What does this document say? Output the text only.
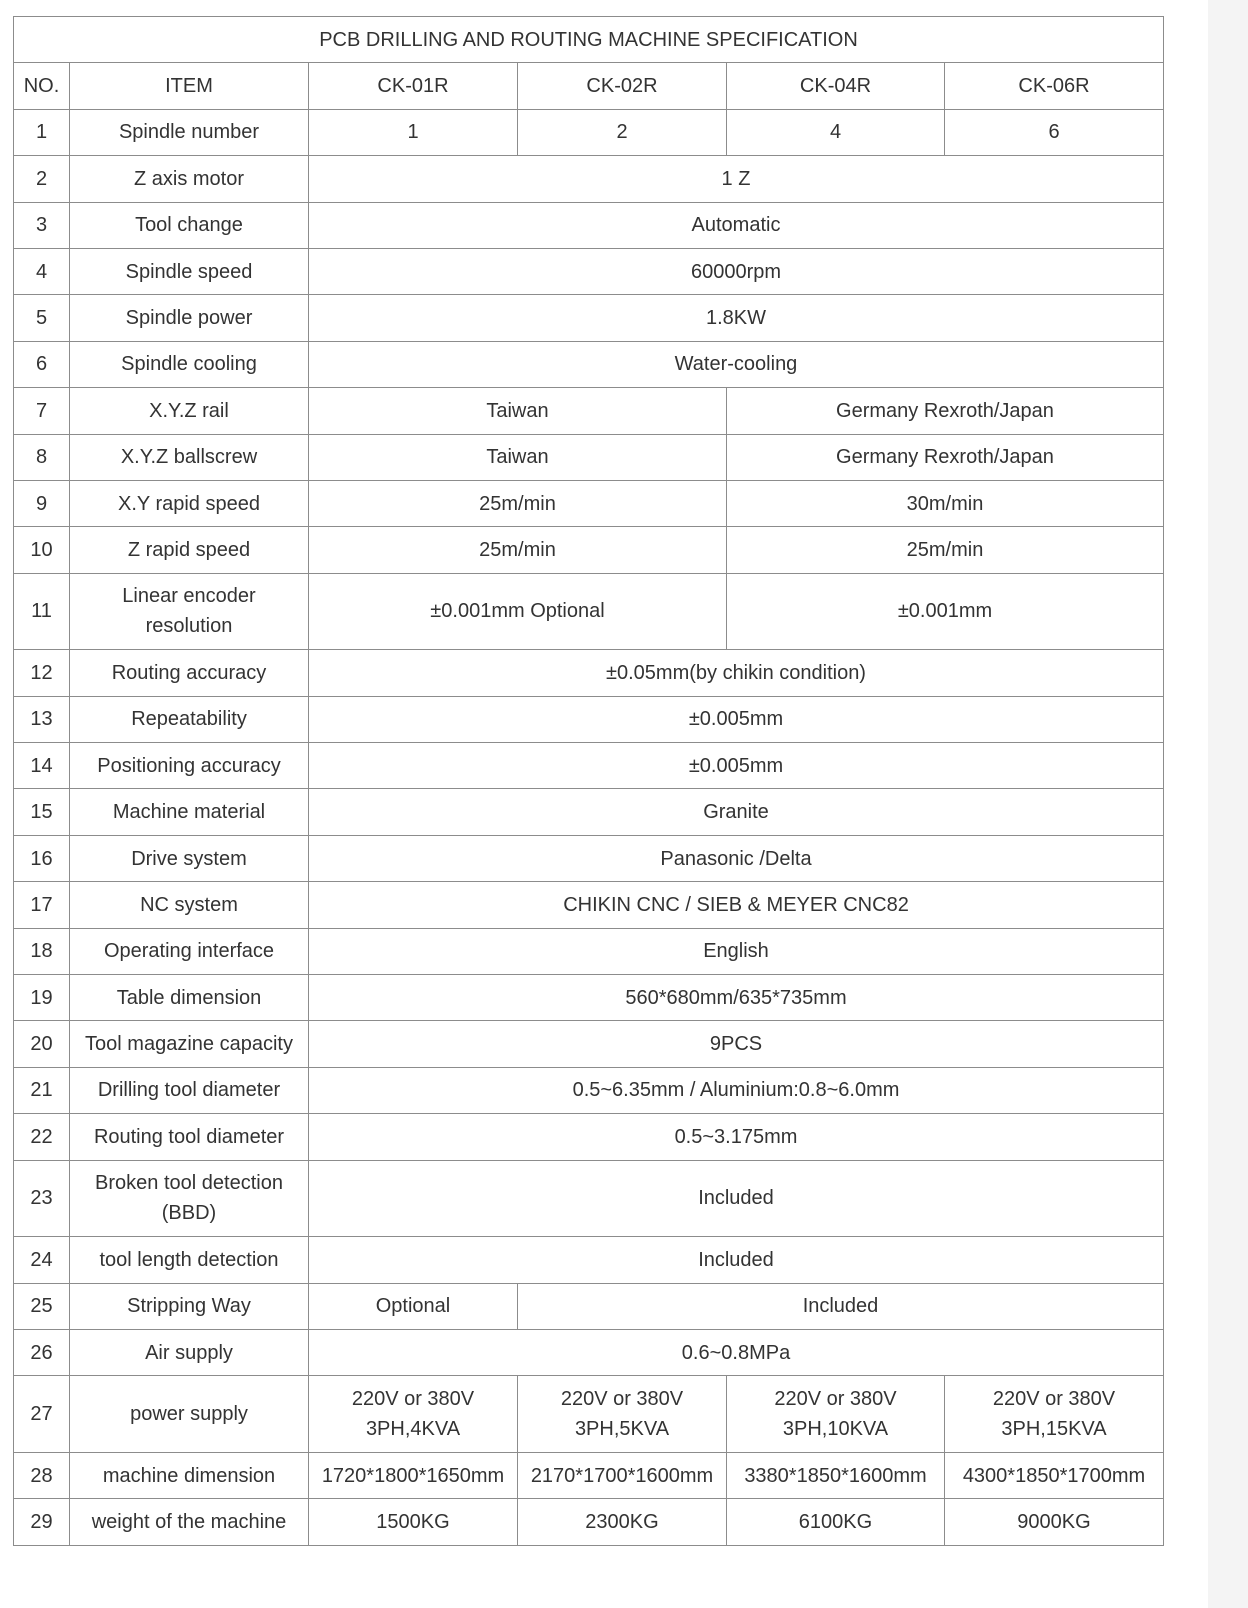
PCB DRILLING AND ROUTING MACHINE SPECIFICATION					
NO.	ITEM	CK-01R	CK-02R	CK-04R	CK-06R
1	Spindle number	1	2	4	6
2	Z axis motor	1 Z			
3	Tool change	Automatic			
4	Spindle speed	60000rpm			
5	Spindle power	1.8KW			
6	Spindle cooling	Water-cooling			
7	X.Y.Z rail	Taiwan		Germany Rexroth/Japan	
8	X.Y.Z ballscrew	Taiwan		Germany Rexroth/Japan	
9	X.Y rapid speed	25m/min		30m/min	
10	Z rapid speed	25m/min		25m/min	
11	Linear encoder resolution	±0.001mm Optional		±0.001mm	
12	Routing accuracy	±0.05mm(by chikin condition)			
13	Repeatability	±0.005mm			
14	Positioning accuracy	±0.005mm			
15	Machine material	Granite			
16	Drive system	Panasonic /Delta			
17	NC system	CHIKIN CNC / SIEB & MEYER CNC82			
18	Operating interface	English			
19	Table dimension	560*680mm/635*735mm			
20	Tool magazine capacity	9PCS			
21	Drilling tool diameter	0.5~6.35mm / Aluminium:0.8~6.0mm			
22	Routing tool diameter	0.5~3.175mm			
23	Broken tool detection (BBD)	Included			
24	tool length detection	Included			
25	Stripping Way	Optional	Included		
26	Air supply	0.6~0.8MPa			
27	power supply	220V or 380V 3PH,4KVA	220V or 380V 3PH,5KVA	220V or 380V 3PH,10KVA	220V or 380V 3PH,15KVA
28	machine dimension	1720*1800*1650mm	2170*1700*1600mm	3380*1850*1600mm	4300*1850*1700mm
29	weight of the machine	1500KG	2300KG	6100KG	9000KG
